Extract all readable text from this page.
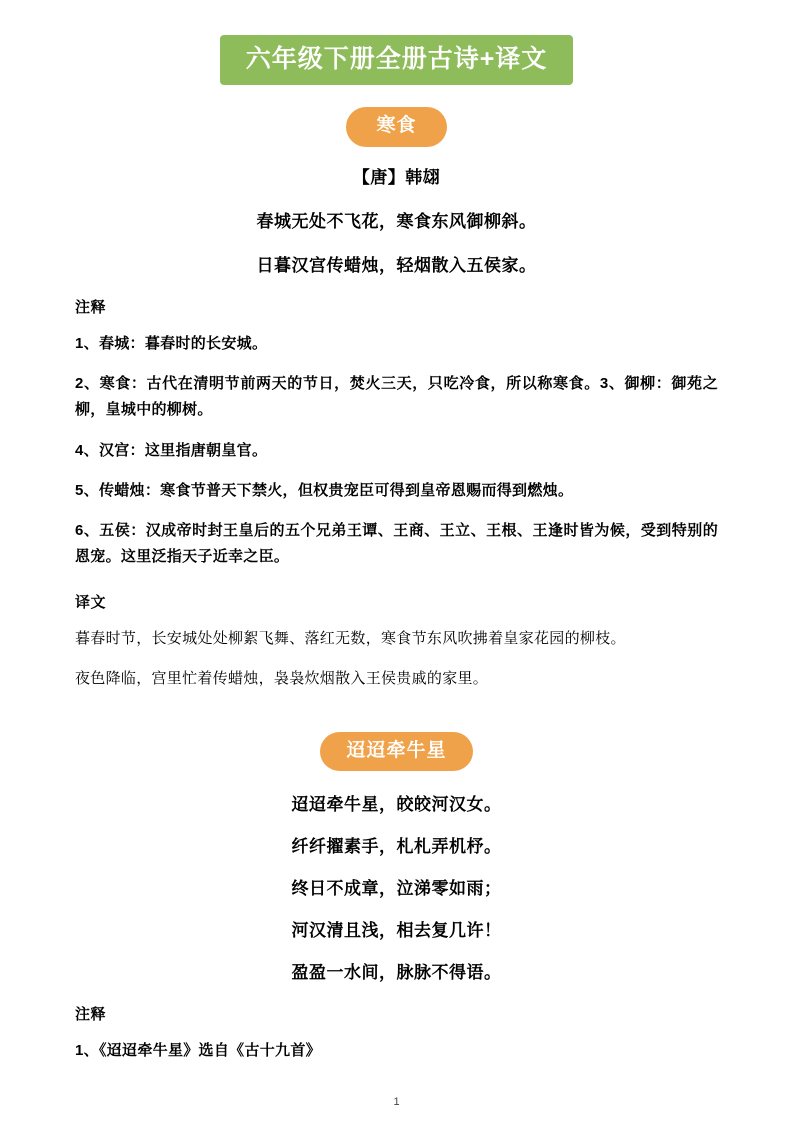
六年级下册全册古诗+译文
寒食
【唐】韩翃
春城无处不飞花，寒食东风御柳斜。
日暮汉宫传蜡烛，轻烟散入五侯家。
注释
1、春城：暮春时的长安城。
2、寒食：古代在清明节前两天的节日，焚火三天，只吃冷食，所以称寒食。3、御柳：御苑之柳，皇城中的柳树。
4、汉宫：这里指唐朝皇官。
5、传蜡烛：寒食节普天下禁火，但权贵宠臣可得到皇帝恩赐而得到燃烛。
6、五侯：汉成帝时封王皇后的五个兄弟王谭、王商、王立、王根、王逢时皆为候，受到特别的恩宠。这里泛指天子近幸之臣。
译文
暮春时节，长安城处处柳絮飞舞、落红无数，寒食节东风吹拂着皇家花园的柳枝。
夜色降临，宫里忙着传蜡烛，袅袅炊烟散入王侯贵戚的家里。
迢迢牵牛星
迢迢牵牛星，皎皎河汉女。
纤纤擢素手，札札弄机杼。
终日不成章，泣涕零如雨；
河汉清且浅，相去复几许！
盈盈一水间，脉脉不得语。
注释
1、《迢迢牵牛星》选自《古十九首》
1
